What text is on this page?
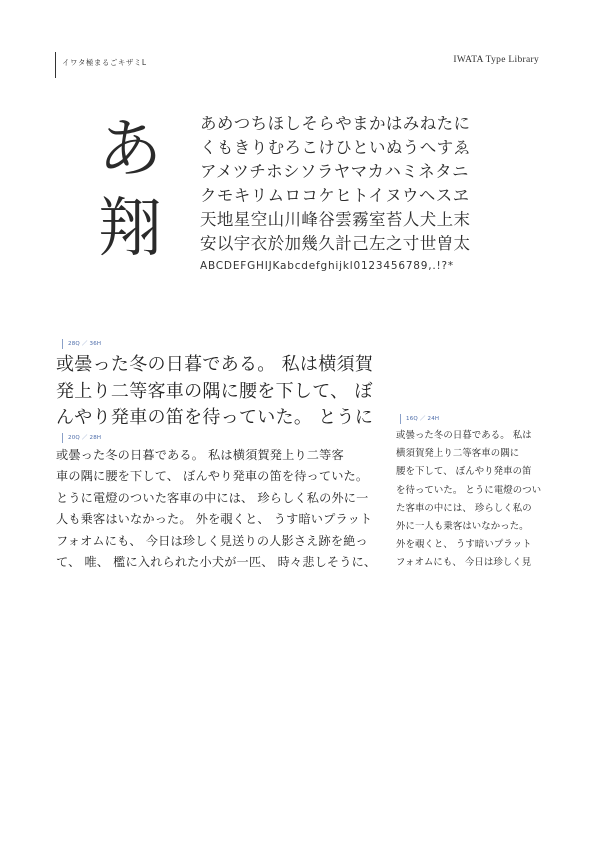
イワタ極まるごキザミL	IWATA Type Library
あ
翔
あめつちほしそらやまかはみねたに
くもきりむろこけひといぬうへすゑ
アメツチホシソラヤマカハミネタニ
クモキリムロコケヒトイヌウヘスヱ
天地星空山川峰谷雲霧室苔人犬上末
安以宇衣於加幾久計己左之寸世曽太
ABCDEFGHIJKabcdefghijkl0123456789,.!?*
28Q ／ 36H
或曇った冬の日暮である。 私は横須賀
発上り二等客車の隅に腰を下して、 ぼ
んやり発車の笛を待っていた。 とうに
20Q ／ 28H
或曇った冬の日暮である。 私は横須賀発上り二等客
車の隅に腰を下して、 ぼんやり発車の笛を待っていた。
とうに電燈のついた客車の中には、 珍らしく私の外に一
人も乗客はいなかった。 外を覗くと、 うす暗いプラット
フォオムにも、 今日は珍しく見送りの人影さえ跡を絶っ
て、 唯、 檻に入れられた小犬が一匹、 時々悲しそうに、
16Q ／ 24H
或曇った冬の日暮である。 私は
横須賀発上り二等客車の隅に
腰を下して、 ぼんやり発車の笛
を待っていた。 とうに電燈のつい
た客車の中には、 珍らしく私の
外に一人も乗客はいなかった。
外を覗くと、 うす暗いプラット
フォオムにも、 今日は珍しく見
